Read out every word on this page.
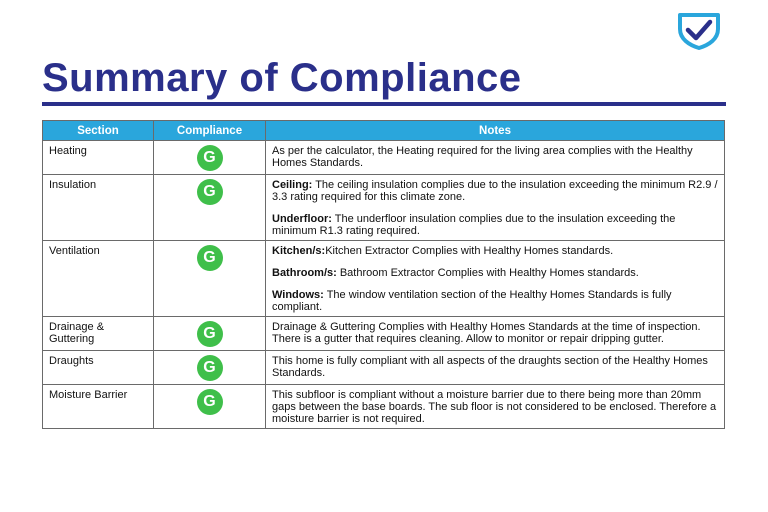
Summary of Compliance
Section	Compliance	Notes
Heating	G	As per the calculator, the Heating required for the living area complies with the Healthy Homes Standards.

Insulation	G	Ceiling: The ceiling insulation complies due to the insulation exceeding the minimum R2.9 / 3.3 rating required for this climate zone.

Underfloor: The underfloor insulation complies due to the insulation exceeding the minimum R1.3 rating required.

Ventilation	G	Kitchen/s:Kitchen Extractor Complies with Healthy Homes standards.

Bathroom/s: Bathroom Extractor Complies with Healthy Homes standards.

Windows: The window ventilation section of the Healthy Homes Standards is fully compliant.

Drainage & Guttering	G	Drainage & Guttering Complies with Healthy Homes Standards at the time of inspection. There is a gutter that requires cleaning. Allow to monitor or repair dripping gutter.

Draughts	G	This home is fully compliant with all aspects of the draughts section of the Healthy Homes Standards.

Moisture Barrier	G	This subfloor is compliant without a moisture barrier due to there being more than 20mm gaps between the base boards. The sub floor is not considered to be enclosed. Therefore a moisture barrier is not required.
